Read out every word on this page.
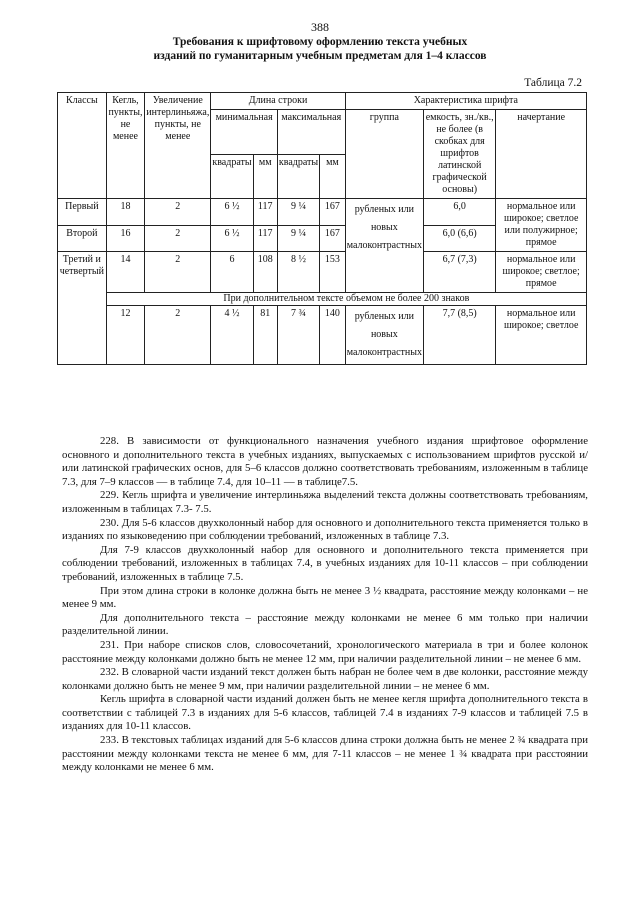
388
Требования к шрифтовому оформлению текста учебных
изданий по гуманитарным учебным предметам для 1–4 классов
Таблица 7.2
Классы	Кегль, пункты, не менее	Увеличение интерлиньяжа, пункты, не менее	Длина строки				Характеристика шрифта		
			минимальная		максимальная		группа	емкость, зн./кв., не более (в скобках для шрифтов латинской графической основы)	начертание
			квадраты	мм	квадраты	мм			
Первый	18	2	6 ½	117	9 ¼	167	рубленых или новых малоконтрастных	6,0	нормальное или широкое; светлое или полужирное; прямое
Второй	16	2	6 ½	117	9 ¼	167		6,0 (6,6)	
Третий и четвертый	14	2	6	108	8 ½	153		6,7 (7,3)	нормальное или широкое; светлое; прямое
	При дополнительном тексте объемом не более 200 знаков								
	12	2	4 ½	81	7 ¾	140	рубленых или новых малоконтрастных	7,7 (8,5)	нормальное или широкое; светлое

228. В зависимости от функционального назначения учебного издания шрифтовое оформление основного и дополнительного текста в учебных изданиях, выпускаемых с использованием шрифтов русской и/или латинской графических основ, для 5–6 классов должно соответствовать требованиям, изложенным в таблице 7.3, для 7–9 классов — в таблице 7.4, для 10–11 — в таблице7.5.

229. Кегль шрифта и увеличение интерлиньяжа выделений текста должны соответствовать требованиям, изложенным в таблицах 7.3- 7.5.

230. Для 5-6 классов двухколонный набор для основного и дополнительного текста применяется только в изданиях по языковедению при соблюдении требований, изложенных в таблице 7.3.

Для 7-9 классов двухколонный набор для основного и дополнительного текста применяется при соблюдении требований, изложенных в таблицах 7.4, в учебных изданиях для 10-11 классов – при соблюдении требований, изложенных в таблице 7.5.

При этом длина строки в колонке должна быть не менее 3 ½ квадрата, расстояние между колонками – не менее 9 мм.

Для дополнительного текста – расстояние между колонками не менее 6 мм только при наличии разделительной линии.

231. При наборе списков слов, словосочетаний, хронологического материала в три и более колонок расстояние между колонками должно быть не менее 12 мм, при наличии разделительной линии – не менее 6 мм.

232. В словарной части изданий текст должен быть набран не более чем в две колонки, расстояние между колонками должно быть не менее 9 мм, при наличии разделительной линии – не менее 6 мм.

Кегль шрифта в словарной части изданий должен быть не менее кегля шрифта дополнительного текста в соответствии с таблицей 7.3 в изданиях для 5-6 классов, таблицей 7.4 в изданиях 7-9 классов и таблицей 7.5 в изданиях для 10-11 классов.

233. В текстовых таблицах изданий для 5-6 классов длина строки должна быть не менее 2 ¾ квадрата при расстоянии между колонками текста не менее 6 мм, для 7-11 классов – не менее 1 ¾ квадрата при расстоянии между колонками не менее 6 мм.
